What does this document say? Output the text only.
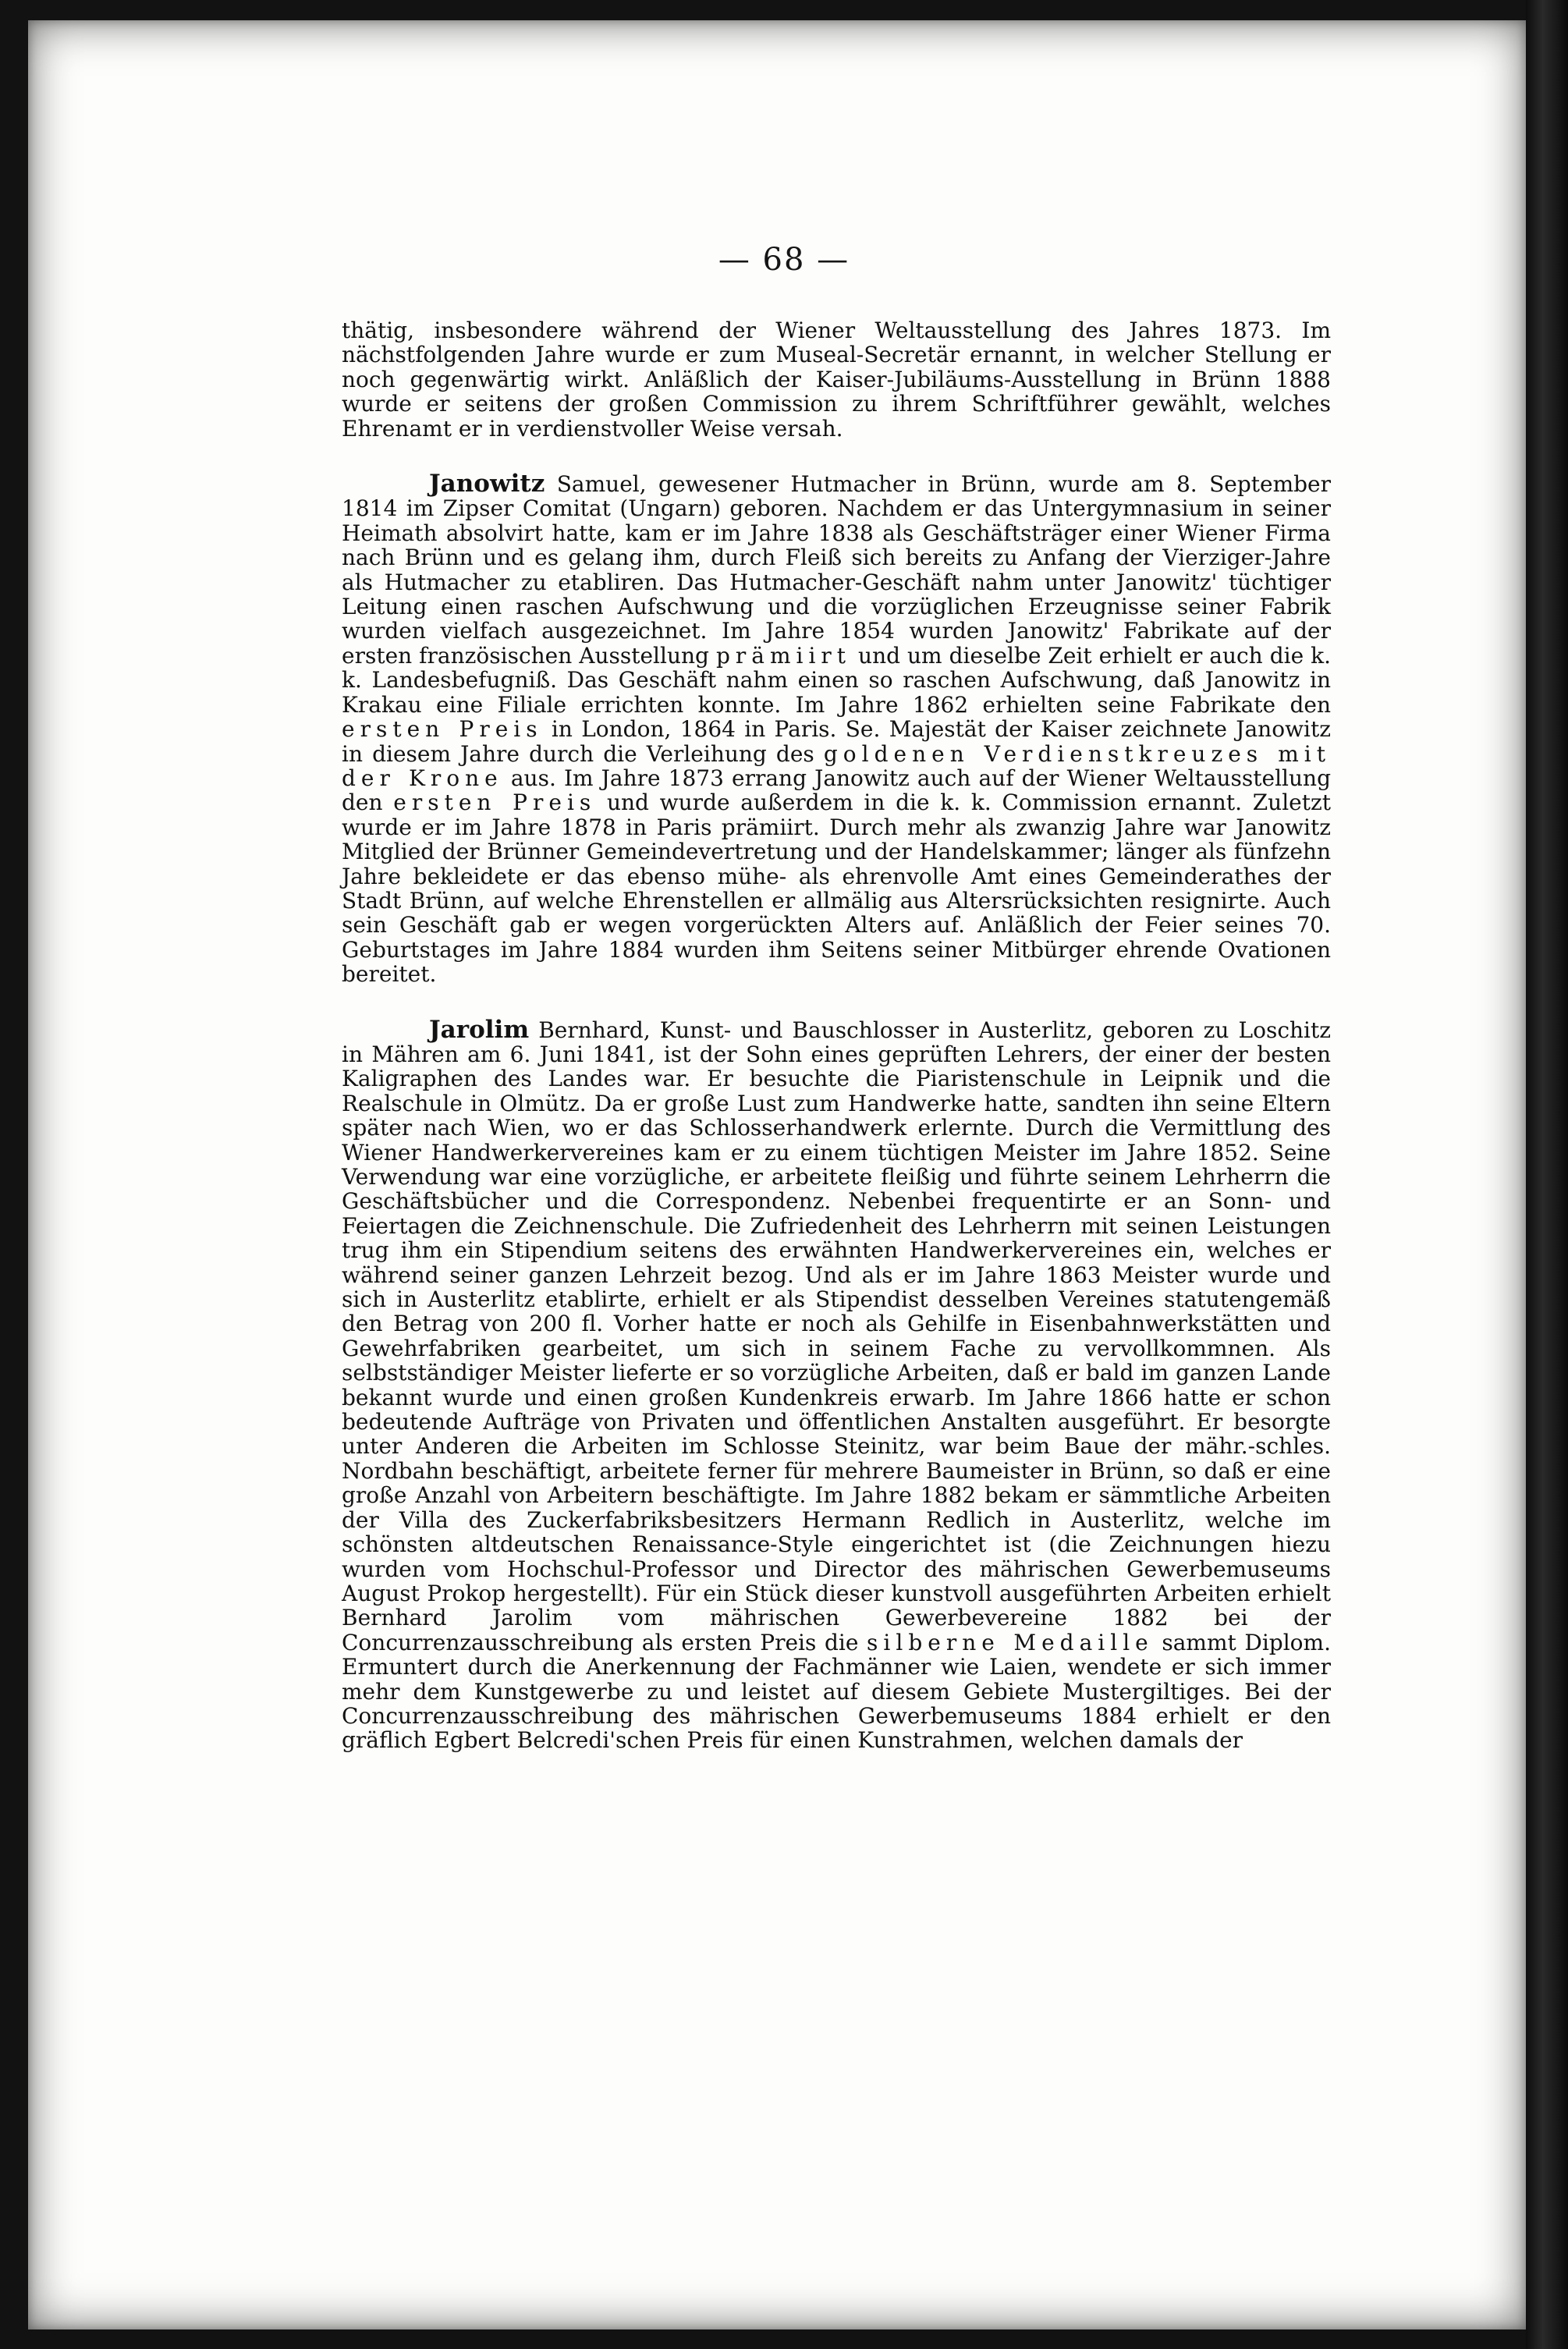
— 68 —

thätig, insbesondere während der Wiener Weltausstellung des Jahres 1873. Im nächstfolgenden Jahre wurde er zum Museal-Secretär ernannt, in welcher Stellung er noch gegenwärtig wirkt. Anläßlich der Kaiser-Jubiläums-Ausstellung in Brünn 1888 wurde er seitens der großen Commission zu ihrem Schriftführer gewählt, welches Ehrenamt er in verdienstvoller Weise versah.

Janowitz Samuel, gewesener Hutmacher in Brünn, wurde am 8. September 1814 im Zipser Comitat (Ungarn) geboren. Nachdem er das Untergymnasium in seiner Heimath absolvirt hatte, kam er im Jahre 1838 als Geschäftsträger einer Wiener Firma nach Brünn und es gelang ihm, durch Fleiß sich bereits zu Anfang der Vierziger-Jahre als Hutmacher zu etabliren. Das Hutmacher-Geschäft nahm unter Janowitz' tüchtiger Leitung einen raschen Aufschwung und die vorzüglichen Erzeugnisse seiner Fabrik wurden vielfach ausgezeichnet. Im Jahre 1854 wurden Janowitz' Fabrikate auf der ersten französischen Ausstellung prämiirt und um dieselbe Zeit erhielt er auch die k. k. Landesbefugniß. Das Geschäft nahm einen so raschen Aufschwung, daß Janowitz in Krakau eine Filiale errichten konnte. Im Jahre 1862 erhielten seine Fabrikate den ersten Preis in London, 1864 in Paris. Se. Majestät der Kaiser zeichnete Janowitz in diesem Jahre durch die Verleihung des goldenen Verdienstkreuzes mit der Krone aus. Im Jahre 1873 errang Janowitz auch auf der Wiener Weltausstellung den ersten Preis und wurde außerdem in die k. k. Commission ernannt. Zuletzt wurde er im Jahre 1878 in Paris prämiirt. Durch mehr als zwanzig Jahre war Janowitz Mitglied der Brünner Gemeindevertretung und der Handelskammer; länger als fünfzehn Jahre bekleidete er das ebenso mühe- als ehrenvolle Amt eines Gemeinderathes der Stadt Brünn, auf welche Ehrenstellen er allmälig aus Altersrücksichten resignirte. Auch sein Geschäft gab er wegen vorgerückten Alters auf. Anläßlich der Feier seines 70. Geburtstages im Jahre 1884 wurden ihm Seitens seiner Mitbürger ehrende Ovationen bereitet.

Jarolim Bernhard, Kunst- und Bauschlosser in Austerlitz, geboren zu Loschitz in Mähren am 6. Juni 1841, ist der Sohn eines geprüften Lehrers, der einer der besten Kaligraphen des Landes war. Er besuchte die Piaristenschule in Leipnik und die Realschule in Olmütz. Da er große Lust zum Handwerke hatte, sandten ihn seine Eltern später nach Wien, wo er das Schlosserhandwerk erlernte. Durch die Vermittlung des Wiener Handwerkervereines kam er zu einem tüchtigen Meister im Jahre 1852. Seine Verwendung war eine vorzügliche, er arbeitete fleißig und führte seinem Lehrherrn die Geschäftsbücher und die Correspondenz. Nebenbei frequentirte er an Sonn- und Feiertagen die Zeichnenschule. Die Zufriedenheit des Lehrherrn mit seinen Leistungen trug ihm ein Stipendium seitens des erwähnten Handwerkervereines ein, welches er während seiner ganzen Lehrzeit bezog. Und als er im Jahre 1863 Meister wurde und sich in Austerlitz etablirte, erhielt er als Stipendist desselben Vereines statutengemäß den Betrag von 200 fl. Vorher hatte er noch als Gehilfe in Eisenbahnwerkstätten und Gewehrfabriken gearbeitet, um sich in seinem Fache zu vervollkommnen. Als selbstständiger Meister lieferte er so vorzügliche Arbeiten, daß er bald im ganzen Lande bekannt wurde und einen großen Kundenkreis erwarb. Im Jahre 1866 hatte er schon bedeutende Aufträge von Privaten und öffentlichen Anstalten ausgeführt. Er besorgte unter Anderen die Arbeiten im Schlosse Steinitz, war beim Baue der mähr.-schles. Nordbahn beschäftigt, arbeitete ferner für mehrere Baumeister in Brünn, so daß er eine große Anzahl von Arbeitern beschäftigte. Im Jahre 1882 bekam er sämmtliche Arbeiten der Villa des Zuckerfabriksbesitzers Hermann Redlich in Austerlitz, welche im schönsten altdeutschen Renaissance-Style eingerichtet ist (die Zeichnungen hiezu wurden vom Hochschul-Professor und Director des mährischen Gewerbemuseums August Prokop hergestellt). Für ein Stück dieser kunstvoll ausgeführten Arbeiten erhielt Bernhard Jarolim vom mährischen Gewerbevereine 1882 bei der Concurrenzausschreibung als ersten Preis die silberne Medaille sammt Diplom. Ermuntert durch die Anerkennung der Fachmänner wie Laien, wendete er sich immer mehr dem Kunstgewerbe zu und leistet auf diesem Gebiete Mustergiltiges. Bei der Concurrenzausschreibung des mährischen Gewerbemuseums 1884 erhielt er den gräflich Egbert Belcredi'schen Preis für einen Kunstrahmen, welchen damals der
